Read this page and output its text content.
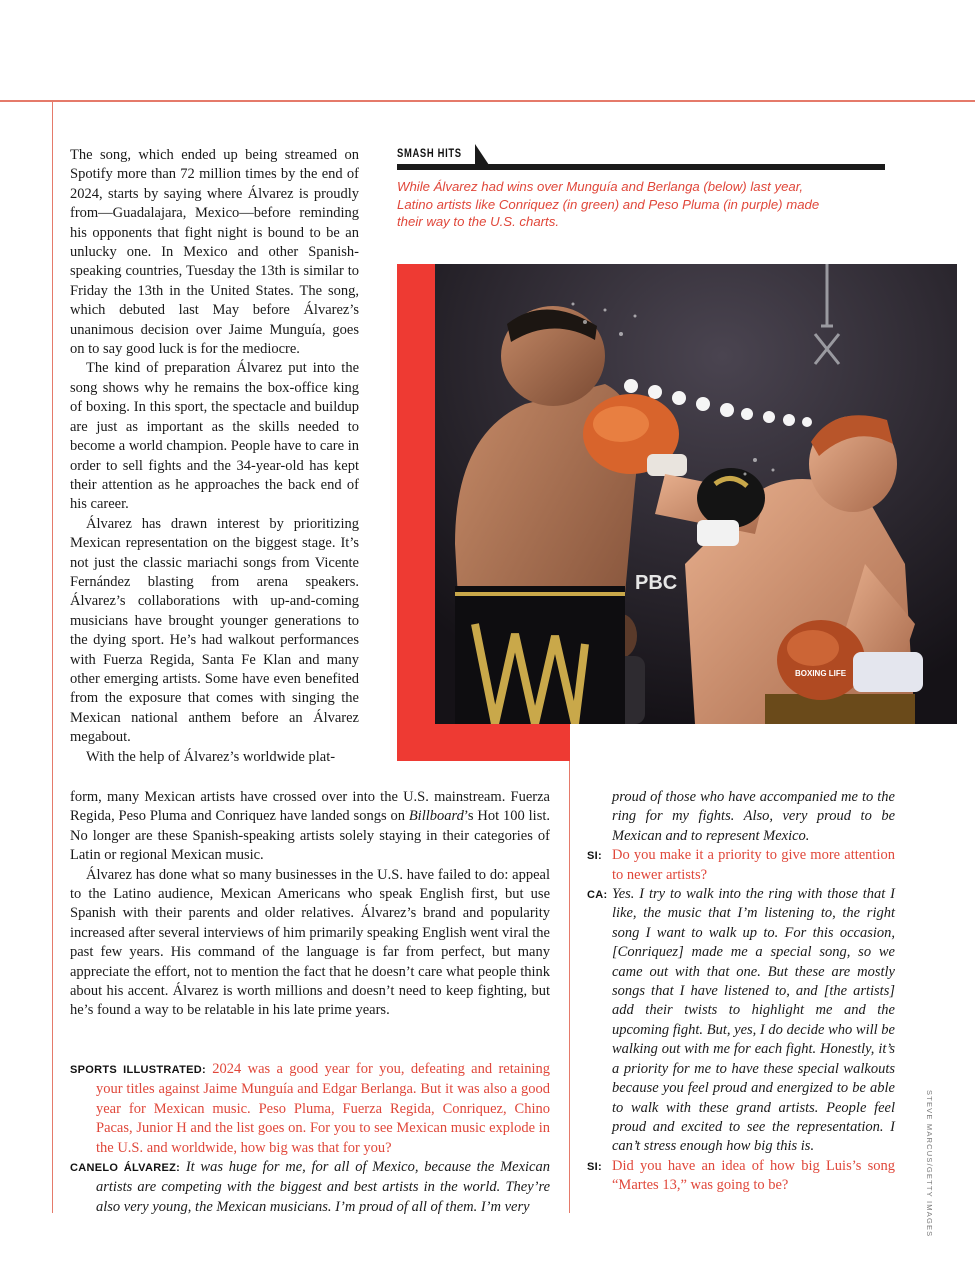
The song, which ended up being streamed on Spotify more than 72 million times by the end of 2024, starts by saying where Álvarez is proudly from—Guadalajara, Mexico—before reminding his opponents that fight night is bound to be an unlucky one. In Mexico and other Spanish-speaking countries, Tuesday the 13th is similar to Friday the 13th in the United States. The song, which debuted last May before Álvarez’s unanimous decision over Jaime Munguía, goes on to say good luck is for the mediocre.

The kind of preparation Álvarez put into the song shows why he remains the box-office king of boxing. In this sport, the spectacle and buildup are just as important as the skills needed to become a world champion. People have to care in order to sell fights and the 34-year-old has kept their attention as he approaches the back end of his career.

Álvarez has drawn interest by prioritizing Mexican representation on the biggest stage. It’s not just the classic mariachi songs from Vicente Fernández blasting from arena speakers. Álvarez’s collaborations with up-and-coming musicians have brought younger generations to the dying sport. He’s had walkout performances with Fuerza Regida, Santa Fe Klan and many other emerging artists. Some have even benefited from the exposure that comes with singing the Mexican national anthem before an Álvarez megabout.

With the help of Álvarez’s worldwide plat-

SMASH HITS
While Álvarez had wins over Munguía and Berlanga (below) last year, Latino artists like Conriquez (in green) and Peso Pluma (in purple) made their way to the U.S. charts.
PBC
BOXING LIFE

form, many Mexican artists have crossed over into the U.S. mainstream. Fuerza Regida, Peso Pluma and Conriquez have landed songs on Billboard’s Hot 100 list. No longer are these Spanish-speaking artists solely staying in their categories of Latin or regional Mexican music.

Álvarez has done what so many businesses in the U.S. have failed to do: appeal to the Latino audience, Mexican Americans who speak English first, but use Spanish with their parents and older relatives. Álvarez’s brand and popularity increased after several interviews of him primarily speaking English went viral the past few years. His command of the language is far from perfect, but many appreciate the effort, not to mention the fact that he doesn’t care what people think about his accent. Álvarez is worth millions and doesn’t need to keep fighting, but he’s found a way to be relatable in his late prime years.

SPORTS ILLUSTRATED: 2024 was a good year for you, defeating and retaining your titles against Jaime Munguía and Edgar Berlanga. But it was also a good year for Mexican music. Peso Pluma, Fuerza Regida, Conriquez, Chino Pacas, Junior H and the list goes on. For you to see Mexican music explode in the U.S. and worldwide, how big was that for you?
CANELO ÁLVAREZ: It was huge for me, for all of Mexico, because the Mexican artists are competing with the biggest and best artists in the world. They’re also very young, the Mexican musicians. I’m proud of all of them. I’m very
proud of those who have accompanied me to the ring for my fights. Also, very proud to be Mexican and to represent Mexico.
SI: Do you make it a priority to give more attention to newer artists?
CA: Yes. I try to walk into the ring with those that I like, the music that I’m listening to, the right song I want to walk up to. For this occasion, [Conriquez] made me a special song, so we came out with that one. But these are mostly songs that I have listened to, and [the artists] add their twists to highlight me and the upcoming fight. But, yes, I do decide who will be walking out with me for each fight. Honestly, it’s a priority for me to have these special walkouts because you feel proud and energized to be able to walk with these grand artists. People feel proud and excited to see the representation. I can’t stress enough how big this is.
SI: Did you have an idea of how big Luis’s song “Martes 13,” was going to be?	STEVE MARCUS/GETTY IMAGES
